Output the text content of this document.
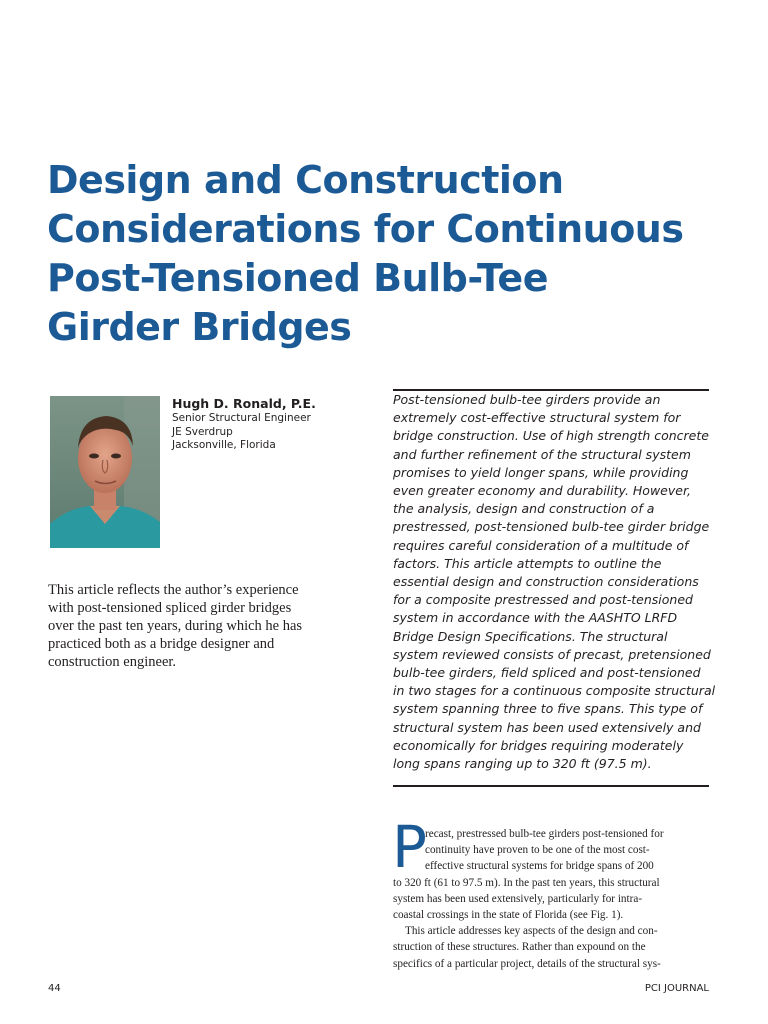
Design and Construction
Considerations for Continuous
Post-Tensioned Bulb-Tee
Girder Bridges
Hugh D. Ronald, P.E.
Senior Structural Engineer
JE Sverdrup
Jacksonville, Florida
This article reflects the author’s experience
with post-tensioned spliced girder bridges
over the past ten years, during which he has
practiced both as a bridge designer and
construction engineer.
Post-tensioned bulb-tee girders provide an
extremely cost-effective structural system for
bridge construction. Use of high strength concrete
and further refinement of the structural system
promises to yield longer spans, while providing
even greater economy and durability. However,
the analysis, design and construction of a
prestressed, post-tensioned bulb-tee girder bridge
requires careful consideration of a multitude of
factors. This article attempts to outline the
essential design and construction considerations
for a composite prestressed and post-tensioned
system in accordance with the AASHTO LRFD
Bridge Design Specifications. The structural
system reviewed consists of precast, pretensioned
bulb-tee girders, field spliced and post-tensioned
in two stages for a continuous composite structural
system spanning three to five spans. This type of
structural system has been used extensively and
economically for bridges requiring moderately
long spans ranging up to 320 ft (97.5 m).
P
recast, prestressed bulb-tee girders post-tensioned for
continuity have proven to be one of the most cost-
effective structural systems for bridge spans of 200
to 320 ft (61 to 97.5 m). In the past ten years, this structural
system has been used extensively, particularly for intra-
coastal crossings in the state of Florida (see Fig. 1).
This article addresses key aspects of the design and con-
struction of these structures. Rather than expound on the
specifics of a particular project, details of the structural sys-
44	PCI JOURNAL
